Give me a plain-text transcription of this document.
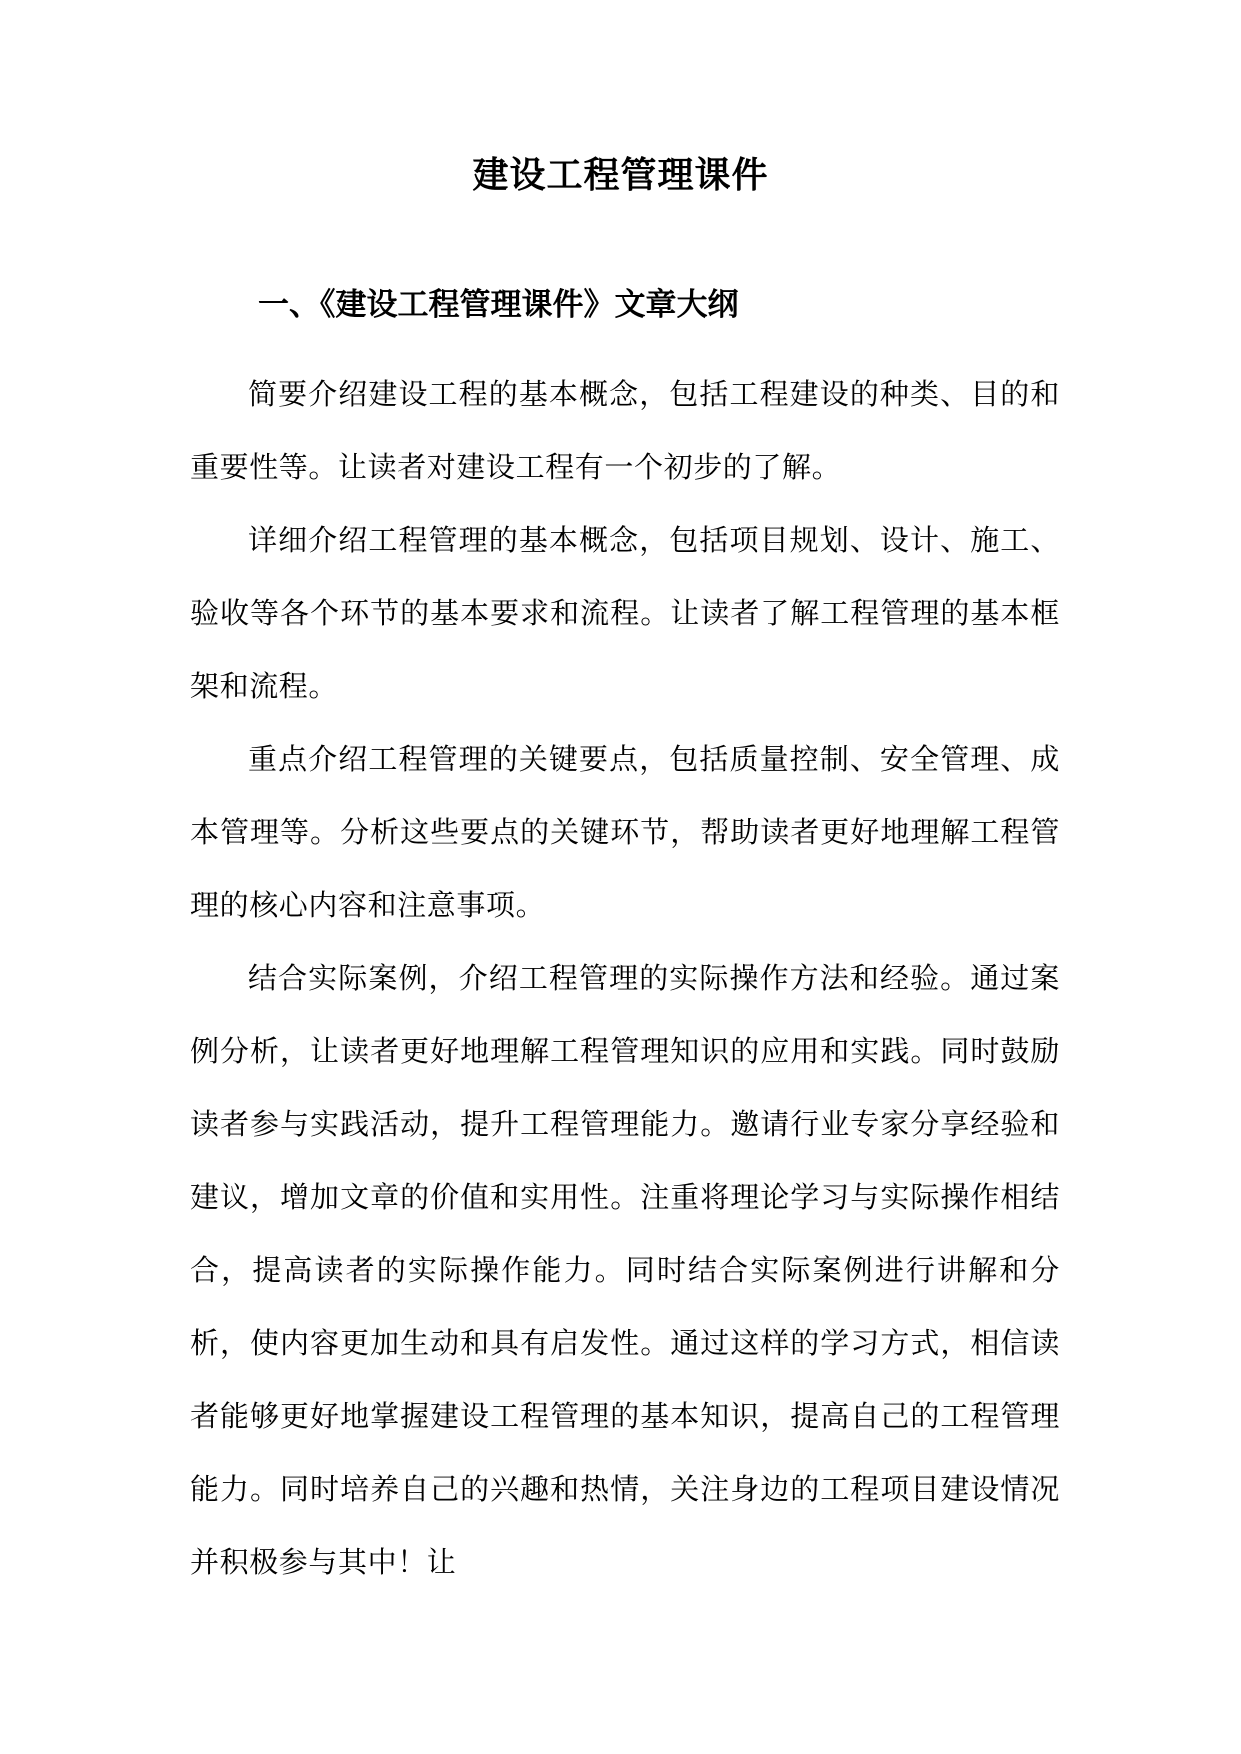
建设工程管理课件
一、《建设工程管理课件》文章大纲

简要介绍建设工程的基本概念，包括工程建设的种类、目的和重要性等。让读者对建设工程有一个初步的了解。

详细介绍工程管理的基本概念，包括项目规划、设计、施工、验收等各个环节的基本要求和流程。让读者了解工程管理的基本框架和流程。

重点介绍工程管理的关键要点，包括质量控制、安全管理、成本管理等。分析这些要点的关键环节，帮助读者更好地理解工程管理的核心内容和注意事项。

结合实际案例，介绍工程管理的实际操作方法和经验。通过案例分析，让读者更好地理解工程管理知识的应用和实践。同时鼓励读者参与实践活动，提升工程管理能力。邀请行业专家分享经验和建议，增加文章的价值和实用性。注重将理论学习与实际操作相结合，提高读者的实际操作能力。同时结合实际案例进行讲解和分析，使内容更加生动和具有启发性。通过这样的学习方式，相信读者能够更好地掌握建设工程管理的基本知识，提高自己的工程管理能力。同时培养自己的兴趣和热情，关注身边的工程项目建设情况并积极参与其中！让
